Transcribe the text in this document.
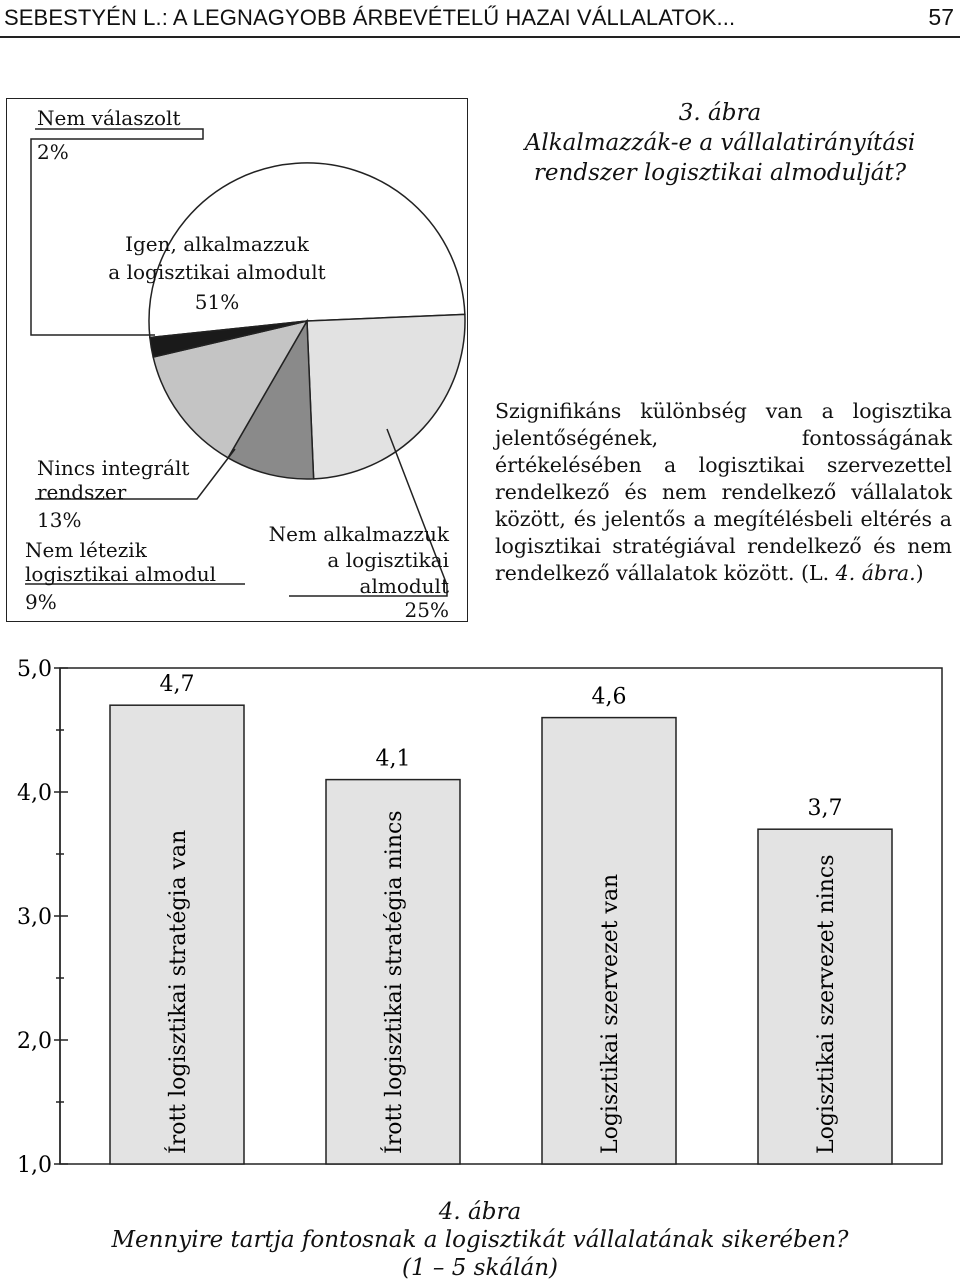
SEBESTYÉN L.: A LEGNAGYOBB ÁRBEVÉTELŰ HAZAI VÁLLALATOK...	57
Nem válaszolt
2%
Igen, alkalmazzuk
a logisztikai almodult
51%
Nincs integrált
rendszer
13%
Nem létezik
logisztikai almodul
9%
Nem alkalmazzuk
a logisztikai
almodult
25%
3. ábra
Alkalmazzák-e a vállalatirányítási
rendszer logisztikai almodulját?

Szignifikáns különbség van a logisztika jelentőségének, fontosságának értékelésében a logisztikai szervezettel rendelkező és nem rendelkező vállalatok között, és jelentős a megítélésbeli eltérés a logisztikai stratégiával rendelkező és nem rendelkező vállalatok között. (L. 4. ábra.)

1,0
2,0
3,0
4,0
5,0
4,7
Írott logisztikai stratégia van
4,1
Írott logisztikai stratégia nincs
4,6
Logisztikai szervezet van
3,7
Logisztikai szervezet nincs
4. ábra
Mennyire tartja fontosnak a logisztikát vállalatának sikerében?
(1 – 5 skálán)
